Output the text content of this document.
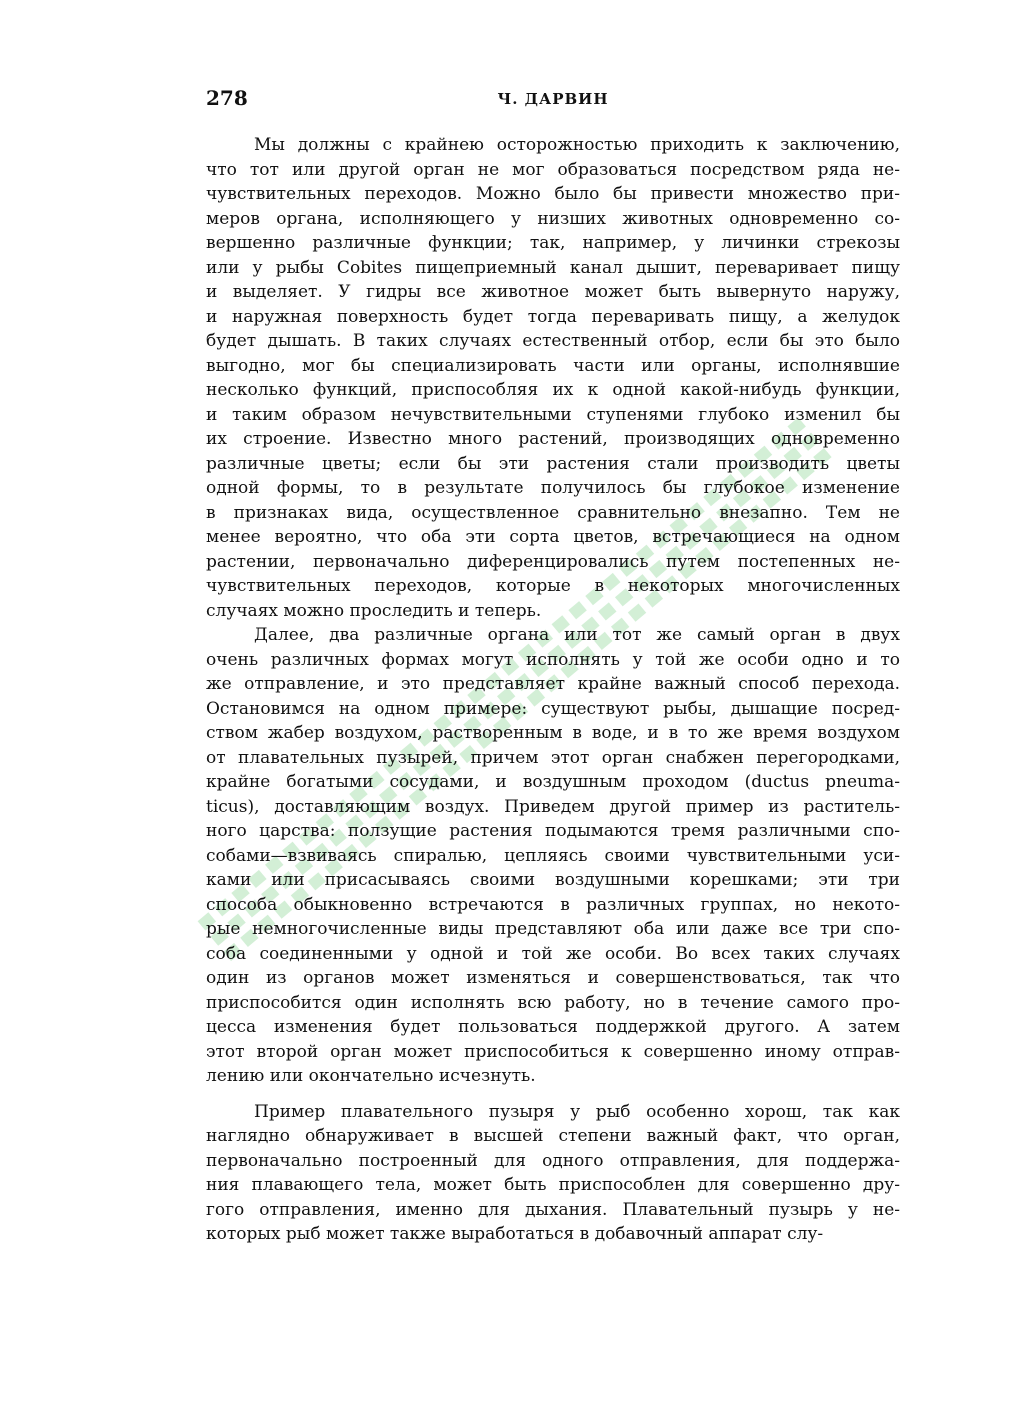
278	Ч. ДАРВИН
Мы должны с крайнею осторожностью приходить к заключению,
что тот или другой орган не мог образоваться посредством ряда не-
чувствительных переходов. Можно было бы привести множество при-
меров органа, исполняющего у низших животных одновременно со-
вершенно различные функции; так, например, у личинки стрекозы
или у рыбы Cobites пищеприемный канал дышит, переваривает пищу
и выделяет. У гидры все животное может быть вывернуто наружу,
и наружная поверхность будет тогда переваривать пищу, а желудок
будет дышать. В таких случаях естественный отбор, если бы это было
выгодно, мог бы специализировать части или органы, исполнявшие
несколько функций, приспособляя их к одной какой-нибудь функции,
и таким образом нечувствительными ступенями глубоко изменил бы
их строение. Известно много растений, производящих одновременно
различные цветы; если бы эти растения стали производить цветы
одной формы, то в результате получилось бы глубокое изменение
в признаках вида, осуществленное сравнительно внезапно. Тем не
менее вероятно, что оба эти сорта цветов, встречающиеся на одном
растении, первоначально диференцировались путем постепенных не-
чувствительных переходов, которые в некоторых многочисленных
случаях можно проследить и теперь.
Далее, два различные органа или тот же самый орган в двух
очень различных формах могут исполнять у той же особи одно и то
же отправление, и это представляет крайне важный способ перехода.
Остановимся на одном примере: существуют рыбы, дышащие посред-
ством жабер воздухом, растворенным в воде, и в то же время воздухом
от плавательных пузырей, причем этот орган снабжен перегородками,
крайне богатыми сосудами, и воздушным проходом (ductus pneuma-
ticus), доставляющим воздух. Приведем другой пример из раститель-
ного царства: ползущие растения подымаются тремя различными спо-
собами—взвиваясь спиралью, цепляясь своими чувствительными уси-
ками или присасываясь своими воздушными корешками; эти три
способа обыкновенно встречаются в различных группах, но некото-
рые немногочисленные виды представляют оба или даже все три спо-
соба соединенными у одной и той же особи. Во всех таких случаях
один из органов может изменяться и совершенствоваться, так что
приспособится один исполнять всю работу, но в течение самого про-
цесса изменения будет пользоваться поддержкой другого. А затем
этот второй орган может приспособиться к совершенно иному отправ-
лению или окончательно исчезнуть.
Пример плавательного пузыря у рыб особенно хорош, так как
наглядно обнаруживает в высшей степени важный факт, что орган,
первоначально построенный для одного отправления, для поддержа-
ния плавающего тела, может быть приспособлен для совершенно дру-
гого отправления, именно для дыхания. Плавательный пузырь у не-
которых рыб может также выработаться в добавочный аппарат слу-
